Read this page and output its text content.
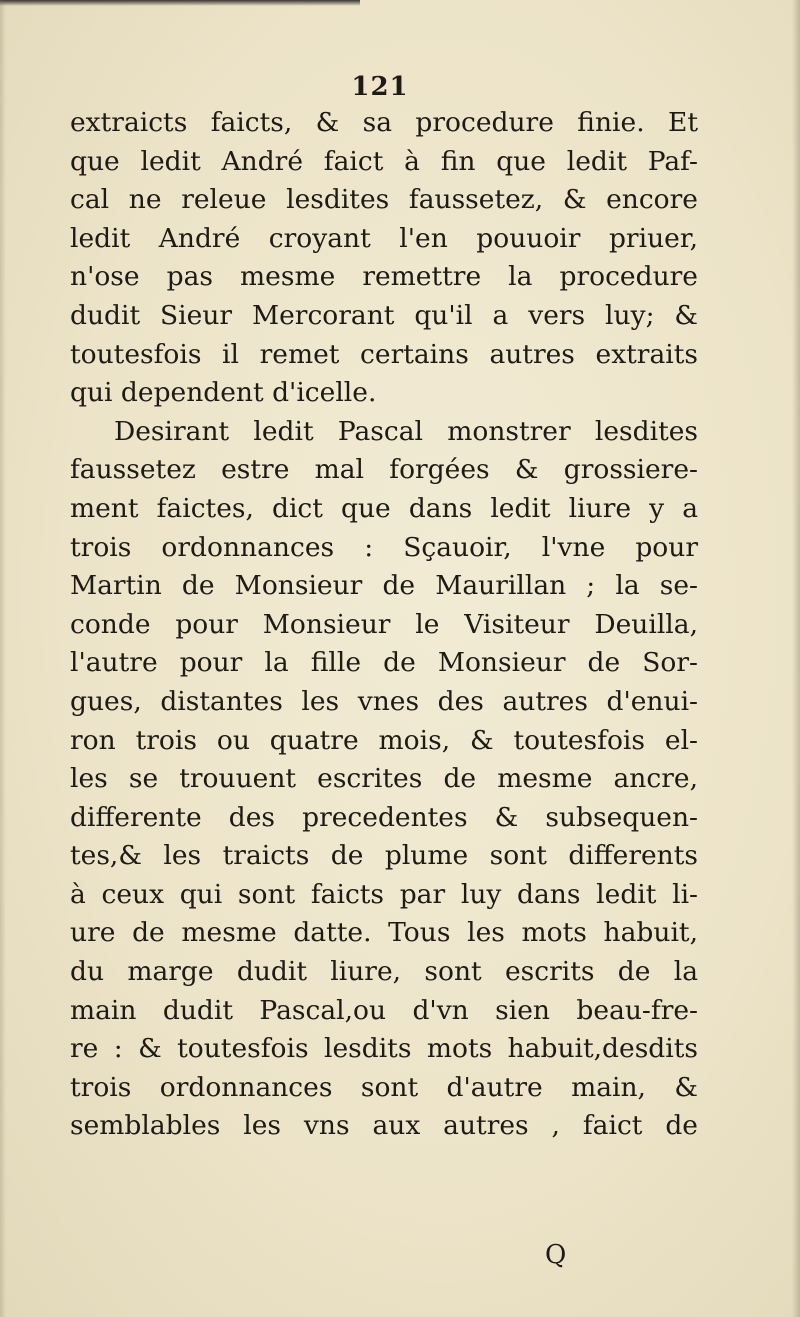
121
extraicts faicts, & sa procedure finie. Et
que ledit André faict à fin que ledit Paf-
cal ne releue lesdites faussetez, & encore
ledit André croyant l'en pouuoir priuer,
n'ose pas mesme remettre la procedure
dudit Sieur Mercorant qu'il a vers luy; &
toutesfois il remet certains autres extraits
qui dependent d'icelle.
Desirant ledit Pascal monstrer lesdites
faussetez estre mal forgées & grossiere-
ment faictes, dict que dans ledit liure y a
trois ordonnances : Sçauoir, l'vne pour
Martin de Monsieur de Maurillan ; la se-
conde pour Monsieur le Visiteur Deuilla,
l'autre pour la fille de Monsieur de Sor-
gues, distantes les vnes des autres d'enui-
ron trois ou quatre mois, & toutesfois el-
les se trouuent escrites de mesme ancre,
differente des precedentes & subsequen-
tes,& les traicts de plume sont differents
à ceux qui sont faicts par luy dans ledit li-
ure de mesme datte. Tous les mots habuit,
du marge dudit liure, sont escrits de la
main dudit Pascal,ou d'vn sien beau-fre-
re : & toutesfois lesdits mots habuit,desdits
trois ordonnances sont d'autre main, &
semblables les vns aux autres , faict de
Q
